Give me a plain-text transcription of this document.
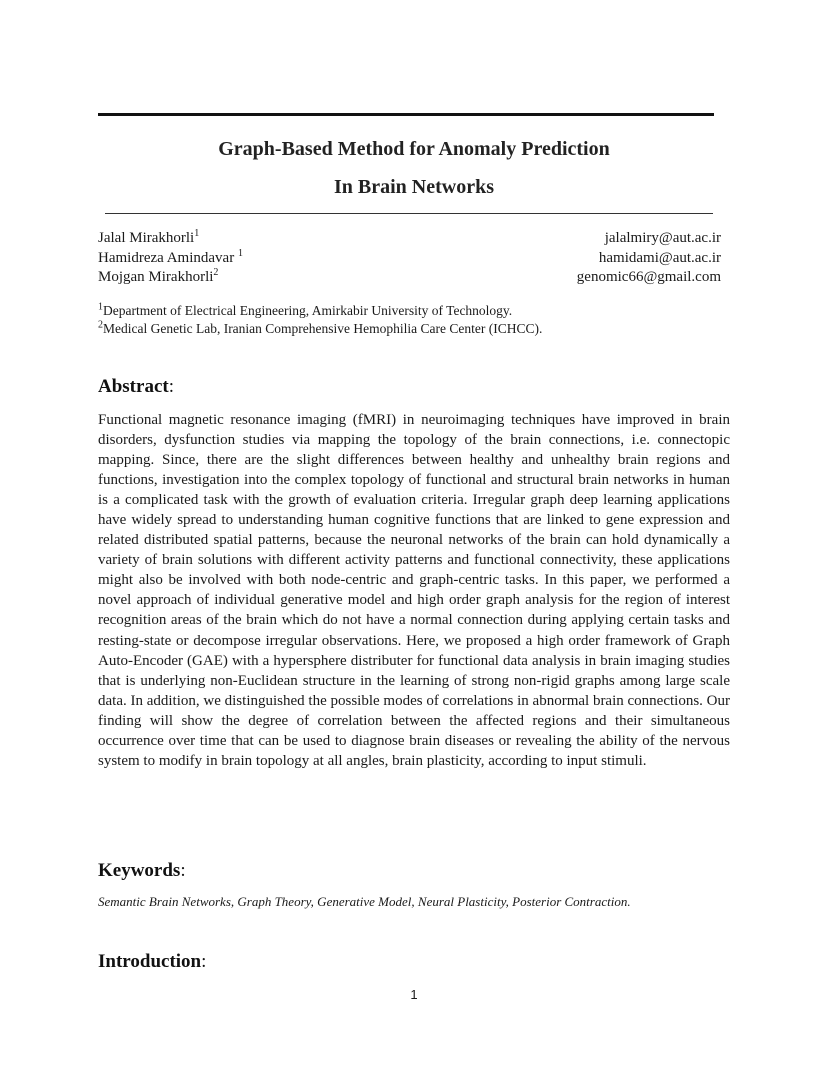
Graph-Based Method for Anomaly Prediction
In Brain Networks
Jalal Mirakhorli$^1$	jalalmiry@aut.ac.ir
Hamidreza Amindavar $^1$	hamidami@aut.ac.ir
Mojgan Mirakhorli$^2$	genomic66@gmail.com
$^1$Department of Electrical Engineering, Amirkabir University of Technology.
$^2$Medical Genetic Lab, Iranian Comprehensive Hemophilia Care Center (ICHCC).
Abstract:

Functional magnetic resonance imaging (fMRI) in neuroimaging techniques have improved in brain disorders, dysfunction studies via mapping the topology of the brain connections, i.e. connectopic mapping. Since, there are the slight differences between healthy and unhealthy brain regions and functions, investigation into the complex topology of functional and structural brain networks in human is a complicated task with the growth of evaluation criteria. Irregular graph deep learning applications have widely spread to understanding human cognitive functions that are linked to gene expression and related distributed spatial patterns, because the neuronal networks of the brain can hold dynamically a variety of brain solutions with different activity patterns and functional connectivity, these applications might also be involved with both node-centric and graph-centric tasks. In this paper, we performed a novel approach of individual generative model and high order graph analysis for the region of interest recognition areas of the brain which do not have a normal connection during applying certain tasks and resting-state or decompose irregular observations. Here, we proposed a high order framework of Graph Auto-Encoder (GAE) with a hypersphere distributer for functional data analysis in brain imaging studies that is underlying non-Euclidean structure in the learning of strong non-rigid graphs among large scale data. In addition, we distinguished the possible modes of correlations in abnormal brain connections. Our finding will show the degree of correlation between the affected regions and their simultaneous occurrence over time that can be used to diagnose brain diseases or revealing the ability of the nervous system to modify in brain topology at all angles, brain plasticity, according to input stimuli.

Keywords:
Semantic Brain Networks, Graph Theory, Generative Model, Neural Plasticity, Posterior Contraction.
Introduction:
1
